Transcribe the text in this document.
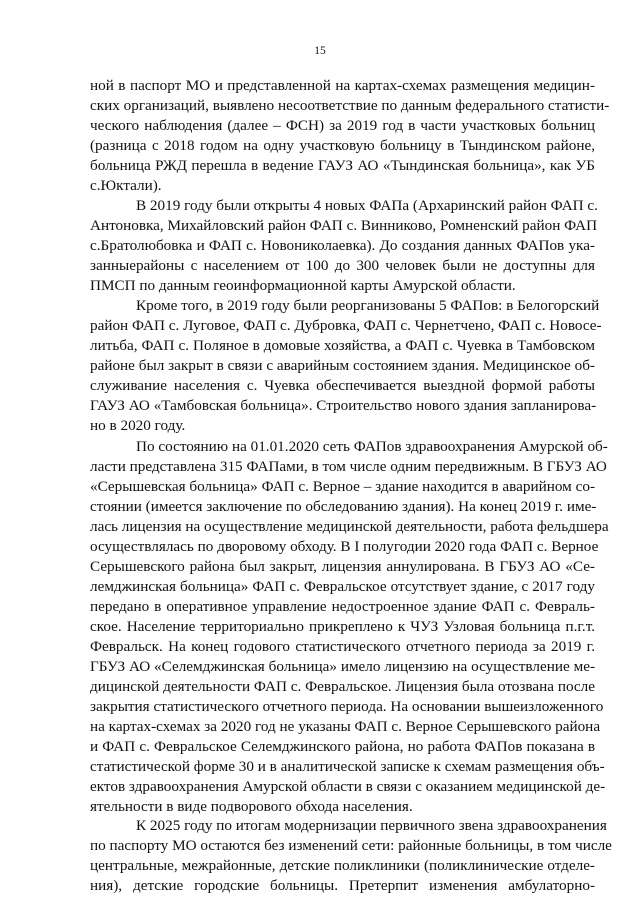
15
ной в паспорт МО и представленной на картах-схемах размещения медицин-
ских организаций, выявлено несоответствие по данным федерального статисти-
ческого наблюдения (далее – ФСН) за 2019 год в части участковых больниц
(разница с 2018 годом на одну участковую больницу в Тындинском районе,
больница РЖД перешла в ведение ГАУЗ АО «Тындинская больница», как УБ
с.Юктали).
В 2019 году были открыты 4 новых ФАПа (Архаринский район ФАП с.
Антоновка, Михайловский район ФАП с. Винниково, Ромненский район ФАП
с.Братолюбовка и ФАП с. Новониколаевка). До создания данных ФАПов ука-
занныерайоны с населением от 100 до 300 человек были не доступны для
ПМСП по данным геоинформационной карты Амурской области.
Кроме того, в 2019 году были реорганизованы 5 ФАПов: в Белогорский
район ФАП с. Луговое, ФАП с. Дубровка, ФАП с. Чернетчено, ФАП с. Новосе-
литьба, ФАП с. Поляное в домовые хозяйства, а ФАП с. Чуевка в Тамбовском
районе был закрыт в связи с аварийным состоянием здания. Медицинское об-
служивание населения с. Чуевка обеспечивается выездной формой работы
ГАУЗ АО «Тамбовская больница». Строительство нового здания запланирова-
но в 2020 году.
По состоянию на 01.01.2020 сеть ФАПов здравоохранения Амурской об-
ласти представлена 315 ФАПами, в том числе одним передвижным. В ГБУЗ АО
«Серышевская больница» ФАП с. Верное – здание находится в аварийном со-
стоянии (имеется заключение по обследованию здания). На конец 2019 г. име-
лась лицензия на осуществление медицинской деятельности, работа фельдшера
осуществлялась по дворовому обходу. В I полугодии 2020 года ФАП с. Верное
Серышевского района был закрыт, лицензия аннулирована. В ГБУЗ АО «Се-
лемджинская больница» ФАП с. Февральское отсутствует здание, с 2017 году
передано в оперативное управление недостроенное здание ФАП с. Февраль-
ское. Население территориально прикреплено к ЧУЗ Узловая больница п.г.т.
Февральск. На конец годового статистического отчетного периода за 2019 г.
ГБУЗ АО «Селемджинская больница» имело лицензию на осуществление ме-
дицинской деятельности ФАП с. Февральское. Лицензия была отозвана после
закрытия статистического отчетного периода. На основании вышеизложенного
на картах-схемах за 2020 год не указаны ФАП с. Верное Серышевского района
и ФАП с. Февральское Селемджинского района, но работа ФАПов показана в
статистической форме 30 и в аналитической записке к схемам размещения объ-
ектов здравоохранения Амурской области в связи с оказанием медицинской де-
ятельности в виде подворового обхода населения.
К 2025 году по итогам модернизации первичного звена здравоохранения
по паспорту МО остаются без изменений сети: районные больницы, в том числе
центральные, межрайонные, детские поликлиники (поликлинические отделе-
ния), детские городские больницы. Претерпит изменения амбулаторно-
